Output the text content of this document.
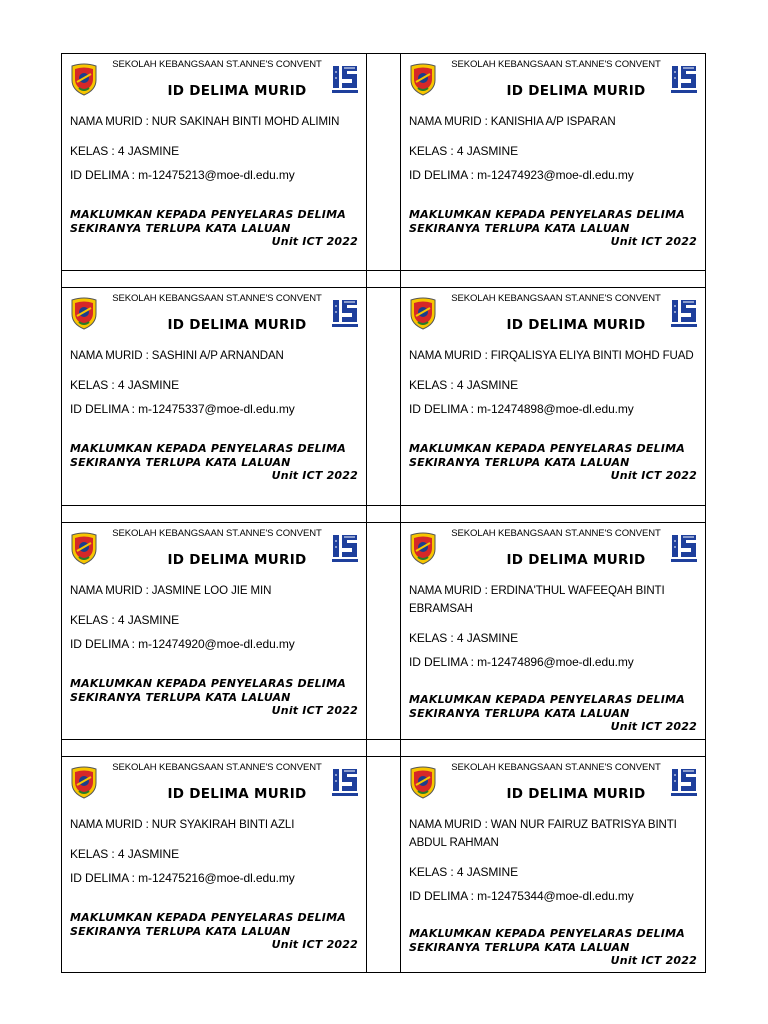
SEKOLAH KEBANGSAAN ST.ANNE'S CONVENT
ID DELIMA MURID
NAMA MURID : NUR SAKINAH BINTI MOHD ALIMIN
KELAS : 4 JASMINE
ID DELIMA : m-12475213@moe-dl.edu.my
MAKLUMKAN KEPADA PENYELARAS DELIMA
SEKIRANYA TERLUPA KATA LALUAN
Unit ICT 2022
SEKOLAH KEBANGSAAN ST.ANNE'S CONVENT
ID DELIMA MURID
NAMA MURID : KANISHIA A/P ISPARAN
KELAS : 4 JASMINE
ID DELIMA : m-12474923@moe-dl.edu.my
MAKLUMKAN KEPADA PENYELARAS DELIMA
SEKIRANYA TERLUPA KATA LALUAN
Unit ICT 2022
SEKOLAH KEBANGSAAN ST.ANNE'S CONVENT
ID DELIMA MURID
NAMA MURID : SASHINI A/P ARNANDAN
KELAS : 4 JASMINE
ID DELIMA : m-12475337@moe-dl.edu.my
MAKLUMKAN KEPADA PENYELARAS DELIMA
SEKIRANYA TERLUPA KATA LALUAN
Unit ICT 2022
SEKOLAH KEBANGSAAN ST.ANNE'S CONVENT
ID DELIMA MURID
NAMA MURID : FIRQALISYA ELIYA BINTI MOHD FUAD
KELAS : 4 JASMINE
ID DELIMA : m-12474898@moe-dl.edu.my
MAKLUMKAN KEPADA PENYELARAS DELIMA
SEKIRANYA TERLUPA KATA LALUAN
Unit ICT 2022
SEKOLAH KEBANGSAAN ST.ANNE'S CONVENT
ID DELIMA MURID
NAMA MURID : JASMINE LOO JIE MIN
KELAS : 4 JASMINE
ID DELIMA : m-12474920@moe-dl.edu.my
MAKLUMKAN KEPADA PENYELARAS DELIMA
SEKIRANYA TERLUPA KATA LALUAN
Unit ICT 2022
SEKOLAH KEBANGSAAN ST.ANNE'S CONVENT
ID DELIMA MURID
NAMA MURID : ERDINA'THUL WAFEEQAH BINTI EBRAMSAH
KELAS : 4 JASMINE
ID DELIMA : m-12474896@moe-dl.edu.my
MAKLUMKAN KEPADA PENYELARAS DELIMA
SEKIRANYA TERLUPA KATA LALUAN
Unit ICT 2022
SEKOLAH KEBANGSAAN ST.ANNE'S CONVENT
ID DELIMA MURID
NAMA MURID : NUR SYAKIRAH BINTI AZLI
KELAS : 4 JASMINE
ID DELIMA : m-12475216@moe-dl.edu.my
MAKLUMKAN KEPADA PENYELARAS DELIMA
SEKIRANYA TERLUPA KATA LALUAN
Unit ICT 2022
SEKOLAH KEBANGSAAN ST.ANNE'S CONVENT
ID DELIMA MURID
NAMA MURID : WAN NUR FAIRUZ BATRISYA BINTI ABDUL RAHMAN
KELAS : 4 JASMINE
ID DELIMA : m-12475344@moe-dl.edu.my
MAKLUMKAN KEPADA PENYELARAS DELIMA
SEKIRANYA TERLUPA KATA LALUAN
Unit ICT 2022
